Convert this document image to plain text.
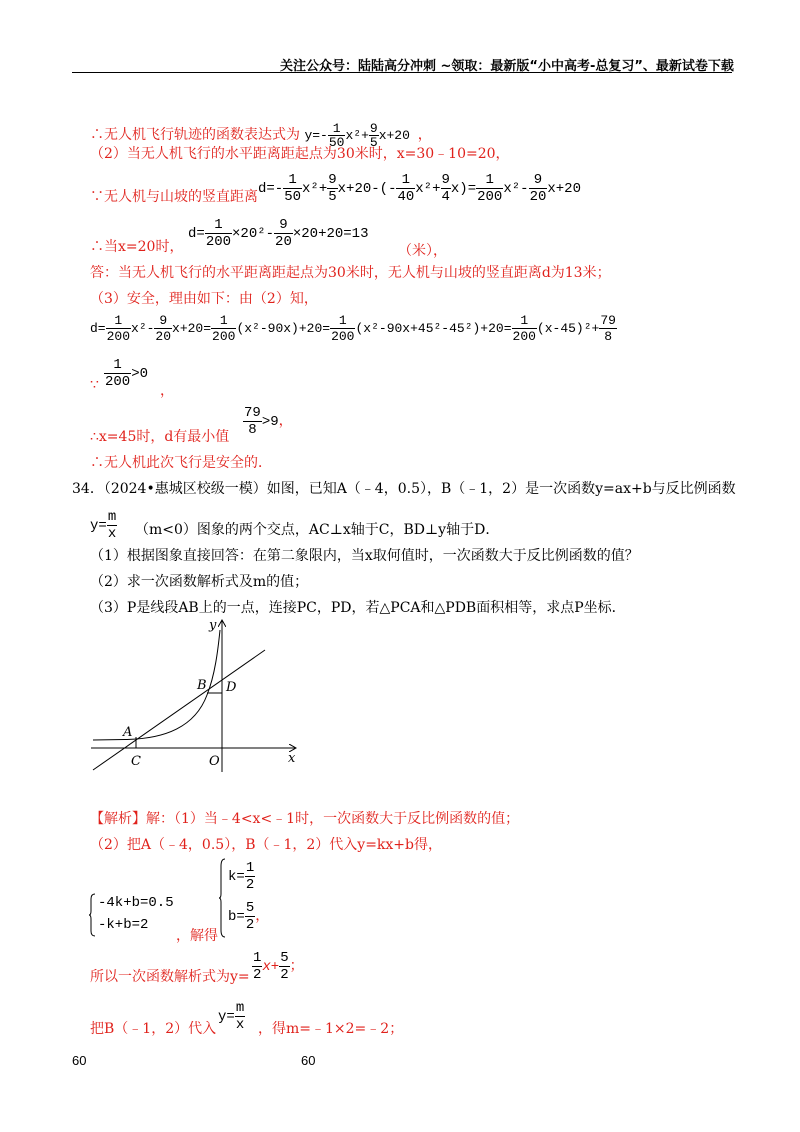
关注公众号：陆陆高分冲刺 ~领取：最新版“小中高考-总复习”、最新试卷下载
∴无人机飞行轨迹的函数表达式为 $y=- \frac{1}{50} x^2+ \frac{9}{5} x+20$ ，
（2）当无人机飞行的水平距离距起点为30米时，x=30﹣10=20，
∵无人机与山坡的竖直距离 $d=- \frac{1}{50} x^2+ \frac{9}{5} x+20-(- \frac{1}{40} x^2+ \frac{9}{4} x)= \frac{1}{200} x^2- \frac{9}{20} x+20$
∴当x=20时，
$d= \frac{1}{200} \times 20^2- \frac{9}{20} \times 20+20=13$
（米），
答：当无人机飞行的水平距离距起点为30米时，无人机与山坡的竖直距离d为13米；
（3）安全，理由如下：由（2）知，
$d= \frac{1}{200} x^2- \frac{9}{20} x+20= \frac{1}{200} (x^2-90x)+20= \frac{1}{200} (x^2-90x+45^2-45^2)+20= \frac{1}{200} (x-45)^2+ \frac{79}{8}$
∵ $\frac{1}{200} >0$
，
∴x=45时，d有最小值 $\frac{79}{8} >9$，
∴无人机此次飞行是安全的．
34．（2024•惠城区校级一模）如图，已知A（﹣4，0.5），B（﹣1，2）是一次函数y=ax+b与反比例函数
$y= \frac{m}{x} (m<0)$图象的两个交点，AC⊥x轴于C，BD⊥y轴于D．
（1）根据图象直接回答：在第二象限内，当x取何值时，一次函数大于反比例函数的值？
（2）求一次函数解析式及m的值；
（3）P是线段AB上的一点，连接PC，PD，若△PCA和△PDB面积相等，求点P坐标．
y
x
A
B
C
D
O
【解析】解：（1）当﹣4<x<﹣1时，一次函数大于反比例函数的值；
（2）把A（﹣4，0.5），B（﹣1，2）代入y=kx+b得，
-4k+b=0.5
-k+b=2
，解得
$k= \frac{1}{2}$
$b= \frac{5}{2}$ ，
所以一次函数解析式为$y= \frac{1}{2} x+ \frac{5}{2}$ ；
把B（﹣1，2）代入
$y= \frac{m}{x}$ ，得m=﹣1×2=﹣2；
60	60
